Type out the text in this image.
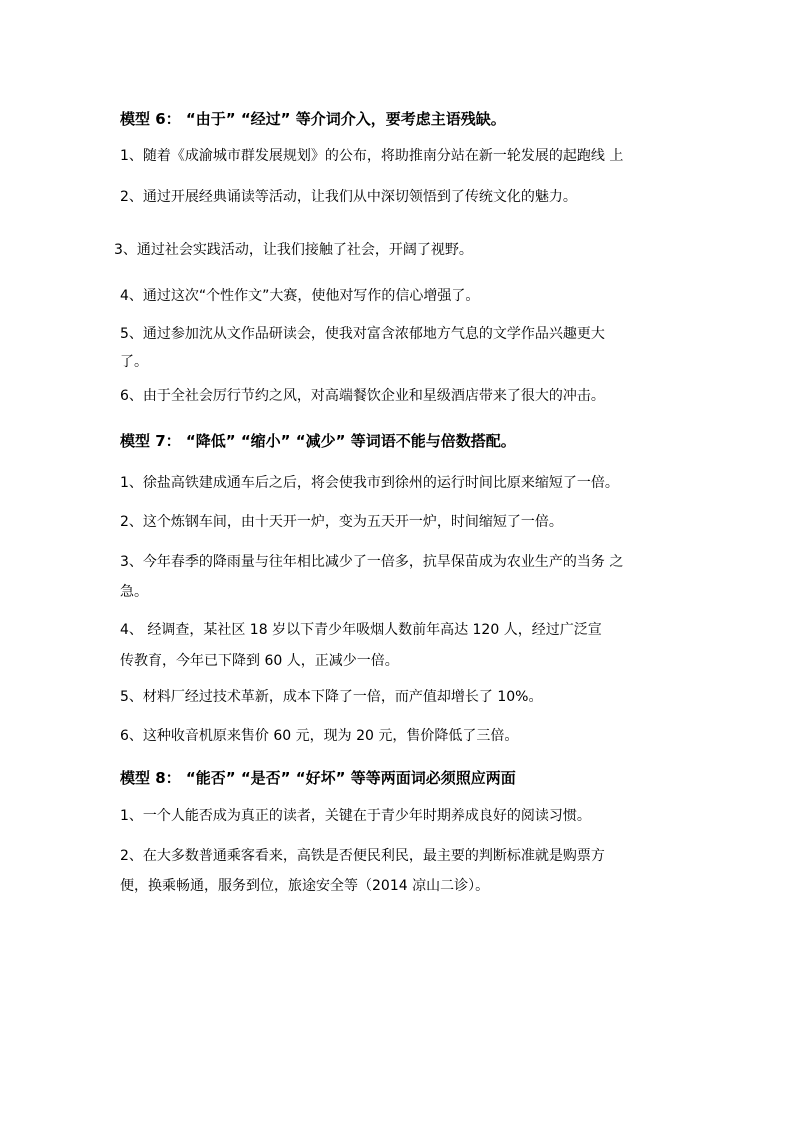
模型 6： “由于” “经过” 等介词介入，要考虑主语残缺。
1、随着《成渝城市群发展规划》的公布，将助推南分站在新一轮发展的起跑线 上
2、通过开展经典诵读等活动，让我们从中深切领悟到了传统文化的魅力。
3、通过社会实践活动，让我们接触了社会，开阔了视野。
4、通过这次“个性作文”大赛，使他对写作的信心增强了。
5、通过参加沈从文作品研读会，使我对富含浓郁地方气息的文学作品兴趣更大
了。
6、由于全社会厉行节约之风，对高端餐饮企业和星级酒店带来了很大的冲击。
模型 7： “降低” “缩小” “减少” 等词语不能与倍数搭配。
1、徐盐高铁建成通车后之后，将会使我市到徐州的运行时间比原来缩短了一倍。
2、这个炼钢车间，由十天开一炉，变为五天开一炉，时间缩短了一倍。
3、今年春季的降雨量与往年相比减少了一倍多，抗旱保苗成为农业生产的当务 之
急。
4、 经调查，某社区 18 岁以下青少年吸烟人数前年高达 120 人，经过广泛宣
传教育，今年已下降到 60 人，正减少一倍。
5、材料厂经过技术革新，成本下降了一倍，而产值却增长了 10%。
6、这种收音机原来售价 60 元，现为 20 元，售价降低了三倍。
模型 8： “能否” “是否” “好坏” 等等两面词必须照应两面
1、一个人能否成为真正的读者，关键在于青少年时期养成良好的阅读习惯。
2、在大多数普通乘客看来，高铁是否便民利民，最主要的判断标准就是购票方
便，换乘畅通，服务到位，旅途安全等（2014 凉山二诊）。
